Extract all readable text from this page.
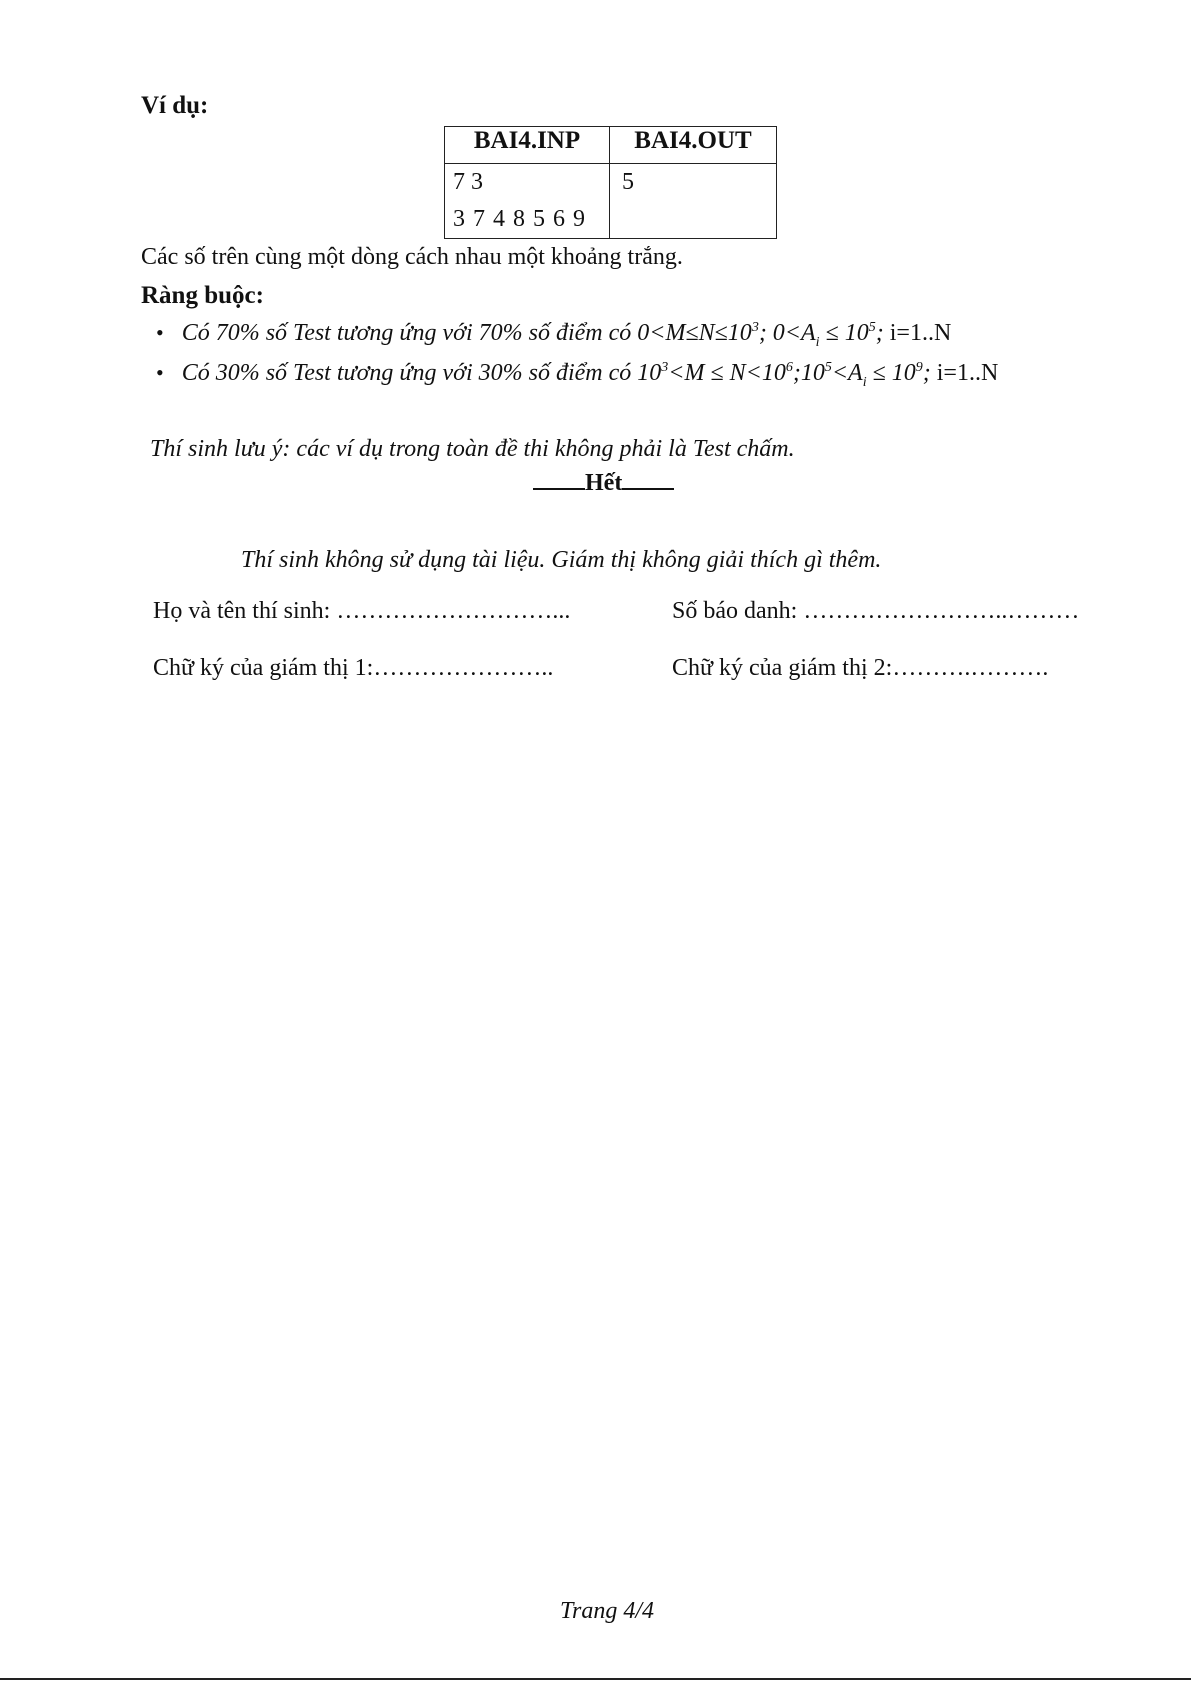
Ví dụ:
BAI4.INP	BAI4.OUT

7 3
3 7 4 8 5 6 9	5
Các số trên cùng một dòng cách nhau một khoảng trắng.
Ràng buộc:
• Có 70% số Test tương ứng với 70% số điểm có $0<M\le N\le 10^3$; $0<A_i \le 10^5$; i=1..N
• Có 30% số Test tương ứng với 30% số điểm có $10^3<M$ ≤ $N<10^6;10^5<A_i \le 10^9$; i=1..N
Thí sinh lưu ý: các ví dụ trong toàn đề thi không phải là Test chấm.
Hết
Thí sinh không sử dụng tài liệu. Giám thị không giải thích gì thêm.
Họ và tên thí sinh: ………………………...	Số báo danh: ……………………..………
Chữ ký của giám thị 1:…………………..	Chữ ký của giám thị 2:……….……….
Trang 4/4
